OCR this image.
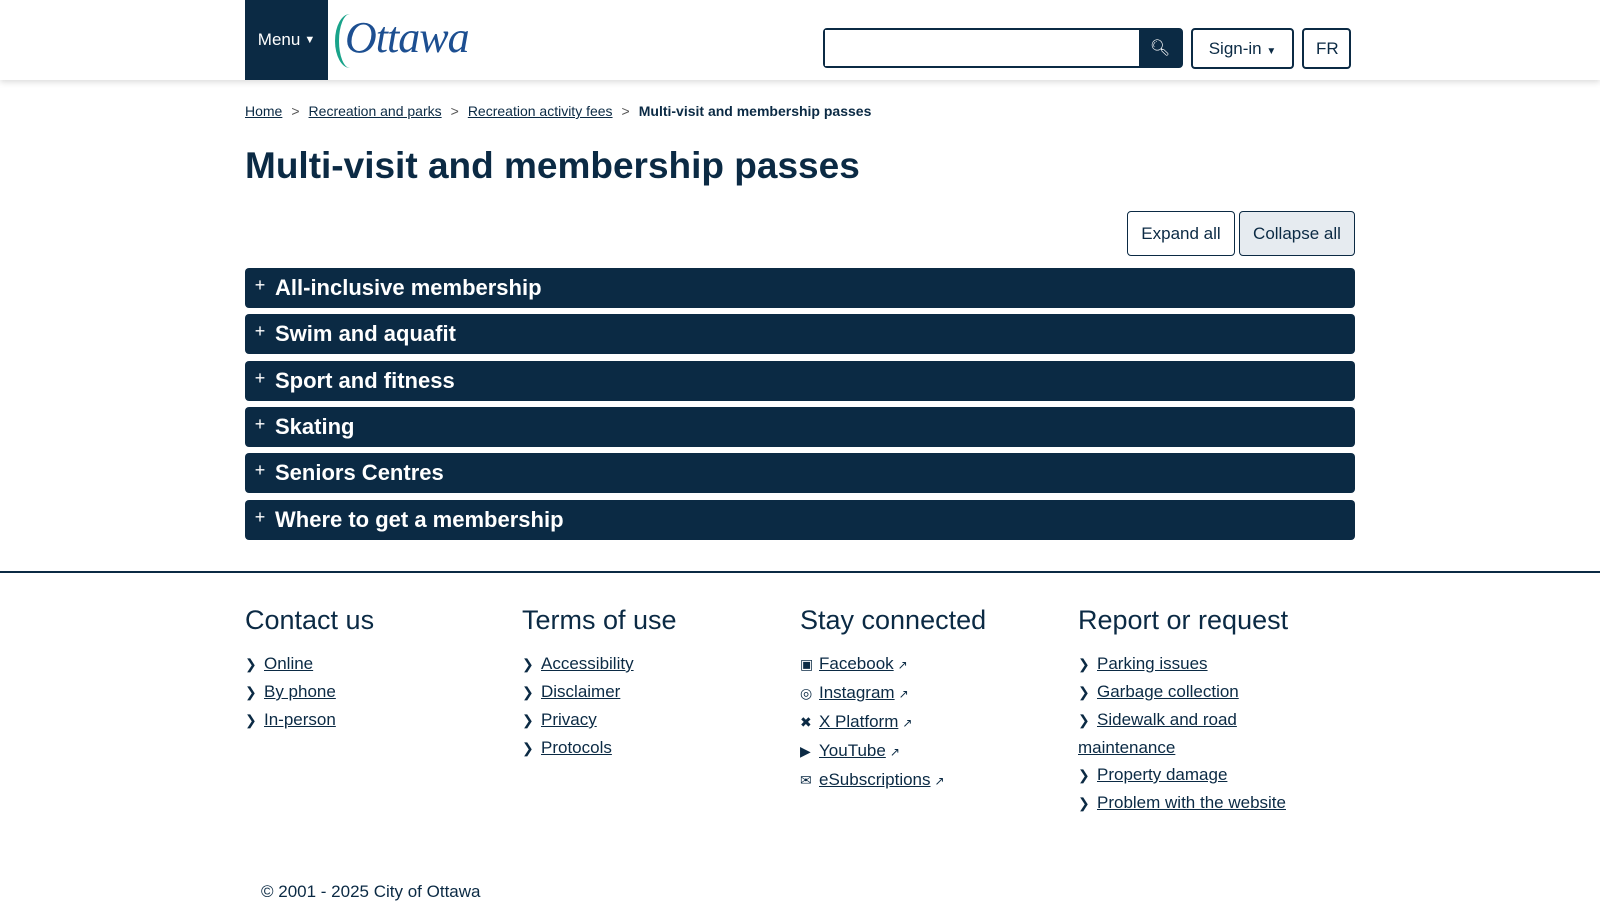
Menu ▼ Ottawa	🔍︎	Sign-in ▼	FR
Home > Recreation and parks > Recreation activity fees > Multi-visit and membership passes
Multi-visit and membership passes
Expand all	Collapse all
+ All-inclusive membership
+ Swim and aquafit
+ Sport and fitness
+ Skating
+ Seniors Centres
+ Where to get a membership
Contact us
❯ Online
❯ By phone
❯ In-person
Terms of use
❯ Accessibility
❯ Disclaimer
❯ Privacy
❯ Protocols
Stay connected
▣ Facebook ↗
◎ Instagram ↗
✖ X Platform ↗
▶ YouTube ↗
✉ eSubscriptions ↗
Report or request
❯ Parking issues
❯ Garbage collection
❯ Sidewalk and road maintenance
❯ Property damage
❯ Problem with the website
© 2001 - 2025 City of Ottawa
